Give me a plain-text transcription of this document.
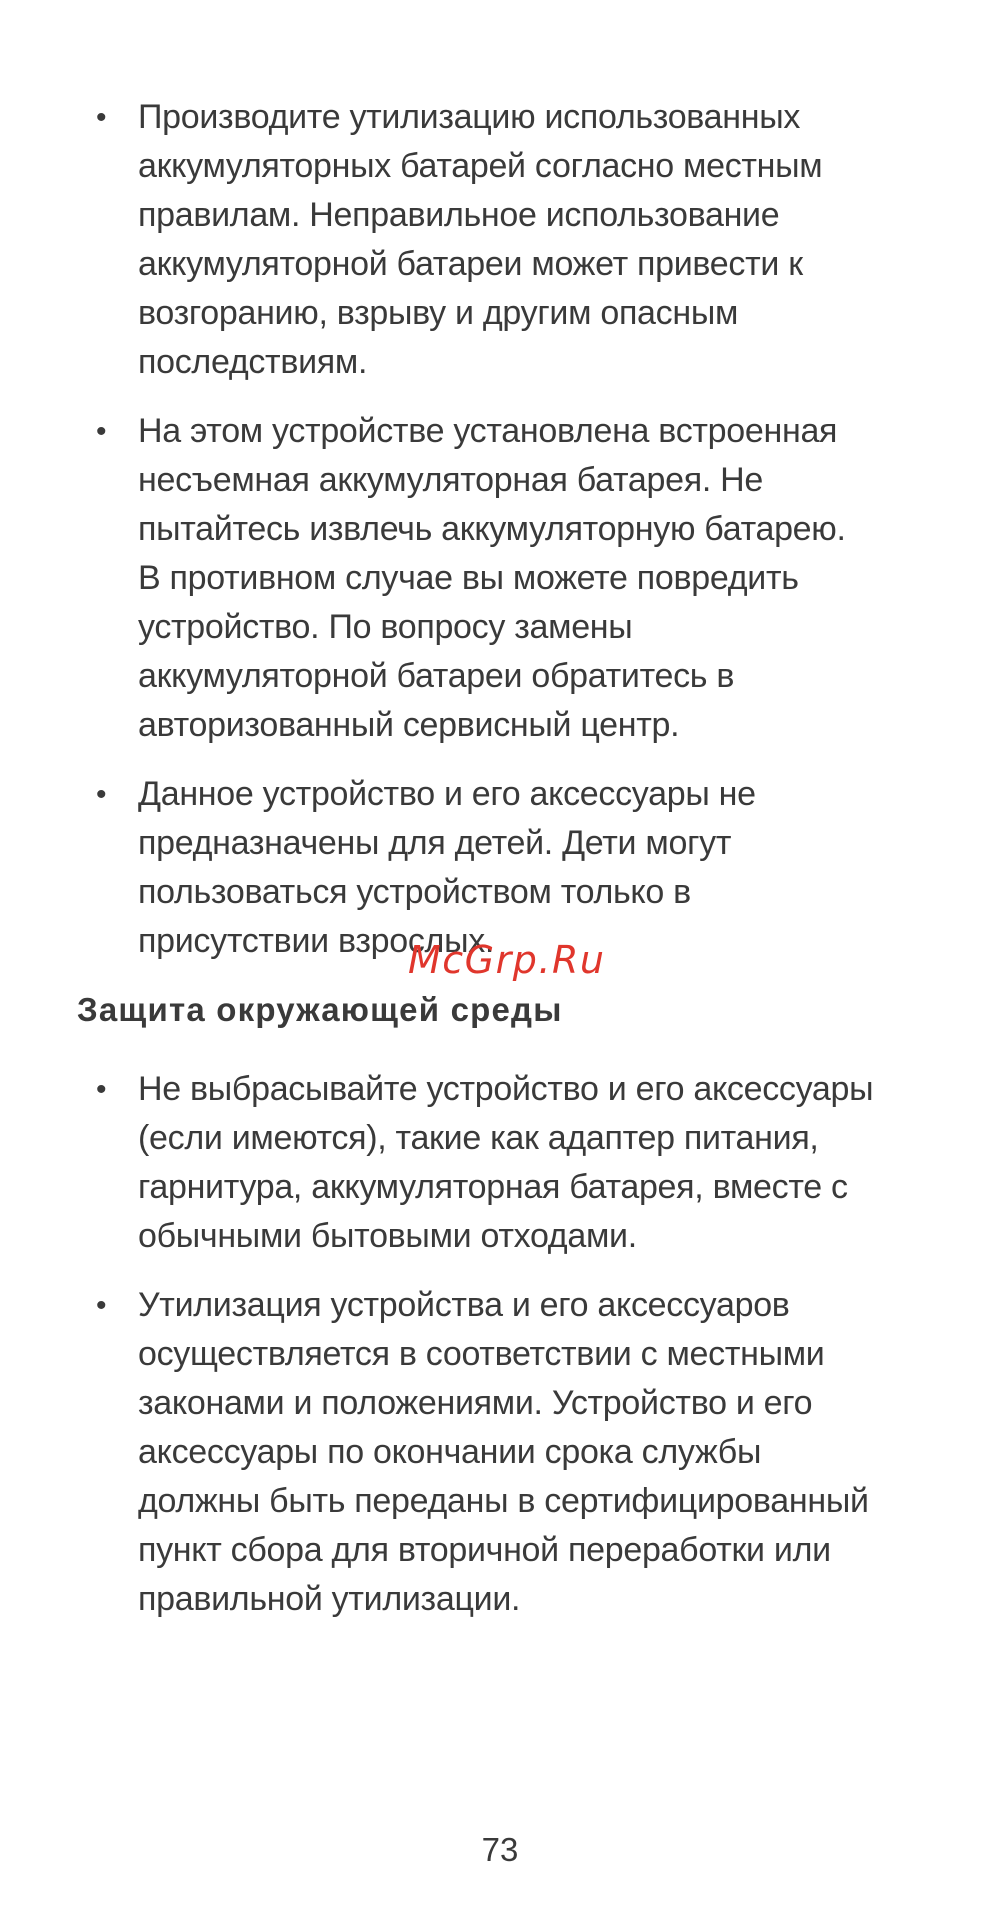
• Производите утилизацию использованных
аккумуляторных батарей согласно местным
правилам. Неправильное использование
аккумуляторной батареи может привести к
возгоранию, взрыву и другим опасным
последствиям.
• На этом устройстве установлена встроенная
несъемная аккумуляторная батарея. Не
пытайтесь извлечь аккумуляторную батарею.
В противном случае вы можете повредить
устройство. По вопросу замены
аккумуляторной батареи обратитесь в
авторизованный сервисный центр.
• Данное устройство и его аксессуары не
предназначены для детей. Дети могут
пользоваться устройством только в
присутствии взрослых.
McGrp.Ru
Защита окружающей среды
• Не выбрасывайте устройство и его аксессуары
(если имеются), такие как адаптер питания,
гарнитура, аккумуляторная батарея, вместе с
обычными бытовыми отходами.
• Утилизация устройства и его аксессуаров
осуществляется в соответствии с местными
законами и положениями. Устройство и его
аксессуары по окончании срока службы
должны быть переданы в сертифицированный
пункт сбора для вторичной переработки или
правильной утилизации.
73
